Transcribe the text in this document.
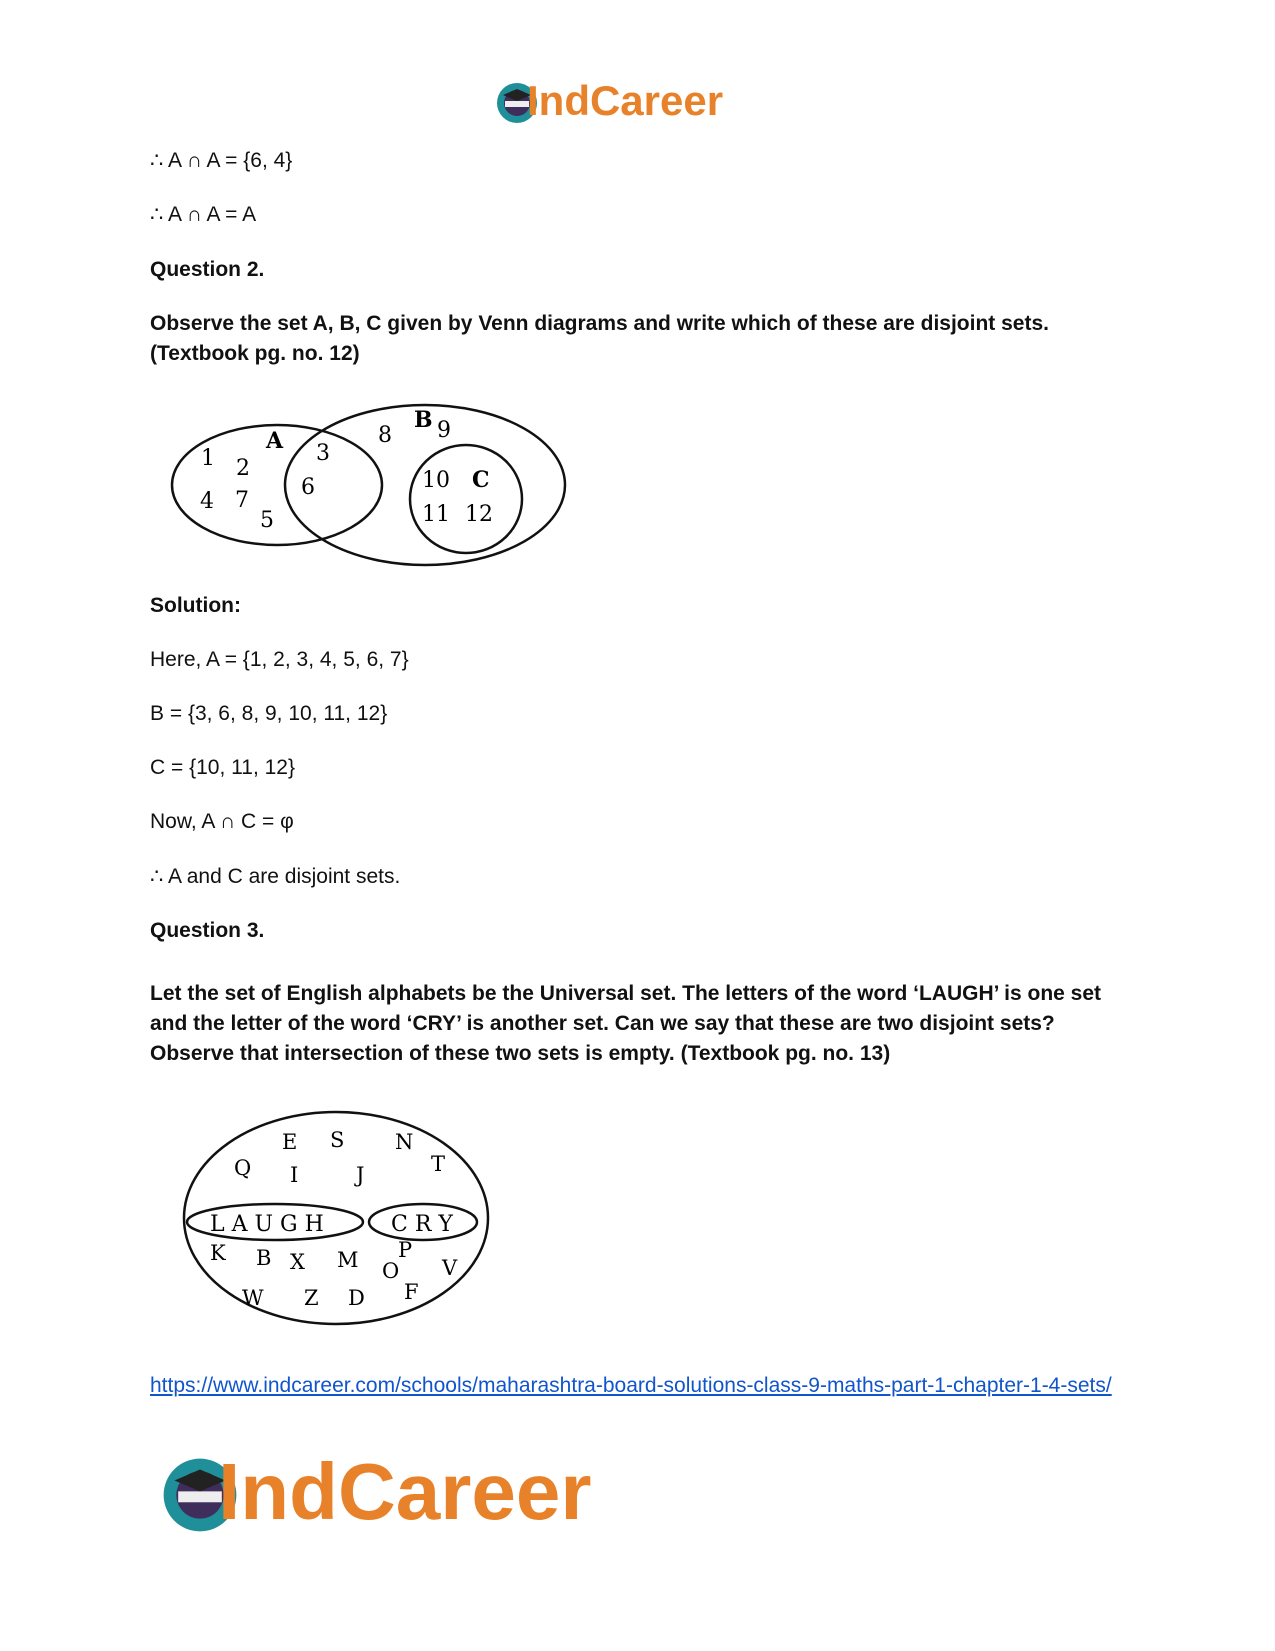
IndCareer
∴ A ∩ A = {6, 4}
∴ A ∩ A = A
Question 2.
Observe the set A, B, C given by Venn diagrams and write which of these are disjoint sets. (Textbook pg. no. 12)
A
B
C
1 2
4 7
5
3
6
8 9
10
11 12
Solution:
Here, A = {1, 2, 3, 4, 5, 6, 7}
B = {3, 6, 8, 9, 10, 11, 12}
C = {10, 11, 12}
Now, A ∩ C = φ
∴ A and C are disjoint sets.
Question 3.
Let the set of English alphabets be the Universal set. The letters of the word ‘LAUGH’ is one set and the letter of the word ‘CRY’ is another set. Can we say that these are two disjoint sets? Observe that intersection of these two sets is empty. (Textbook pg. no. 13)
L A U G H	C R Y
E S N
Q I	J	T
K B X M P
O V
W Z D F
https://www.indcareer.com/schools/maharashtra-board-solutions-class-9-maths-part-1-chapter-1-4-sets/
IndCareer
